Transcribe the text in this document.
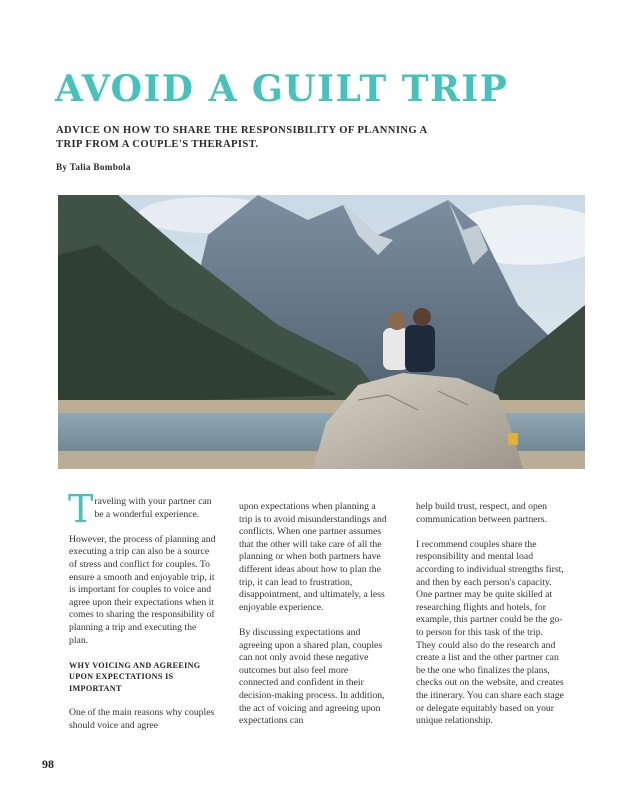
AVOID A GUILT TRIP
ADVICE ON HOW TO SHARE THE RESPONSIBILITY OF PLANNING A TRIP FROM A COUPLE'S THERAPIST.
By Talia Bombola

T raveling with your partner can be a wonderful experience.

However, the process of planning and executing a trip can also be a source of stress and conflict for couples. To ensure a smooth and enjoyable trip, it is important for couples to voice and agree upon their expectations when it comes to sharing the responsibility of planning a trip and executing the plan.

WHY VOICING AND AGREEING UPON EXPECTATIONS IS IMPORTANT

One of the main reasons why couples should voice and agree

upon expectations when planning a trip is to avoid misunderstandings and conflicts. When one partner assumes that the other will take care of all the planning or when both partners have different ideas about how to plan the trip, it can lead to frustration, disappointment, and ultimately, a less enjoyable experience.

By discussing expectations and agreeing upon a shared plan, couples can not only avoid these negative outcomes but also feel more connected and confident in their decision-making process. In addition, the act of voicing and agreeing upon expectations can

help build trust, respect, and open communication between partners.

I recommend couples share the responsibility and mental load according to individual strengths first, and then by each person's capacity. One partner may be quite skilled at researching flights and hotels, for example, this partner could be the go-to person for this task of the trip. They could also do the research and create a list and the other partner can be the one who finalizes the plans, checks out on the website, and creates the itinerary. You can share each stage or delegate equitably based on your unique relationship.

98
